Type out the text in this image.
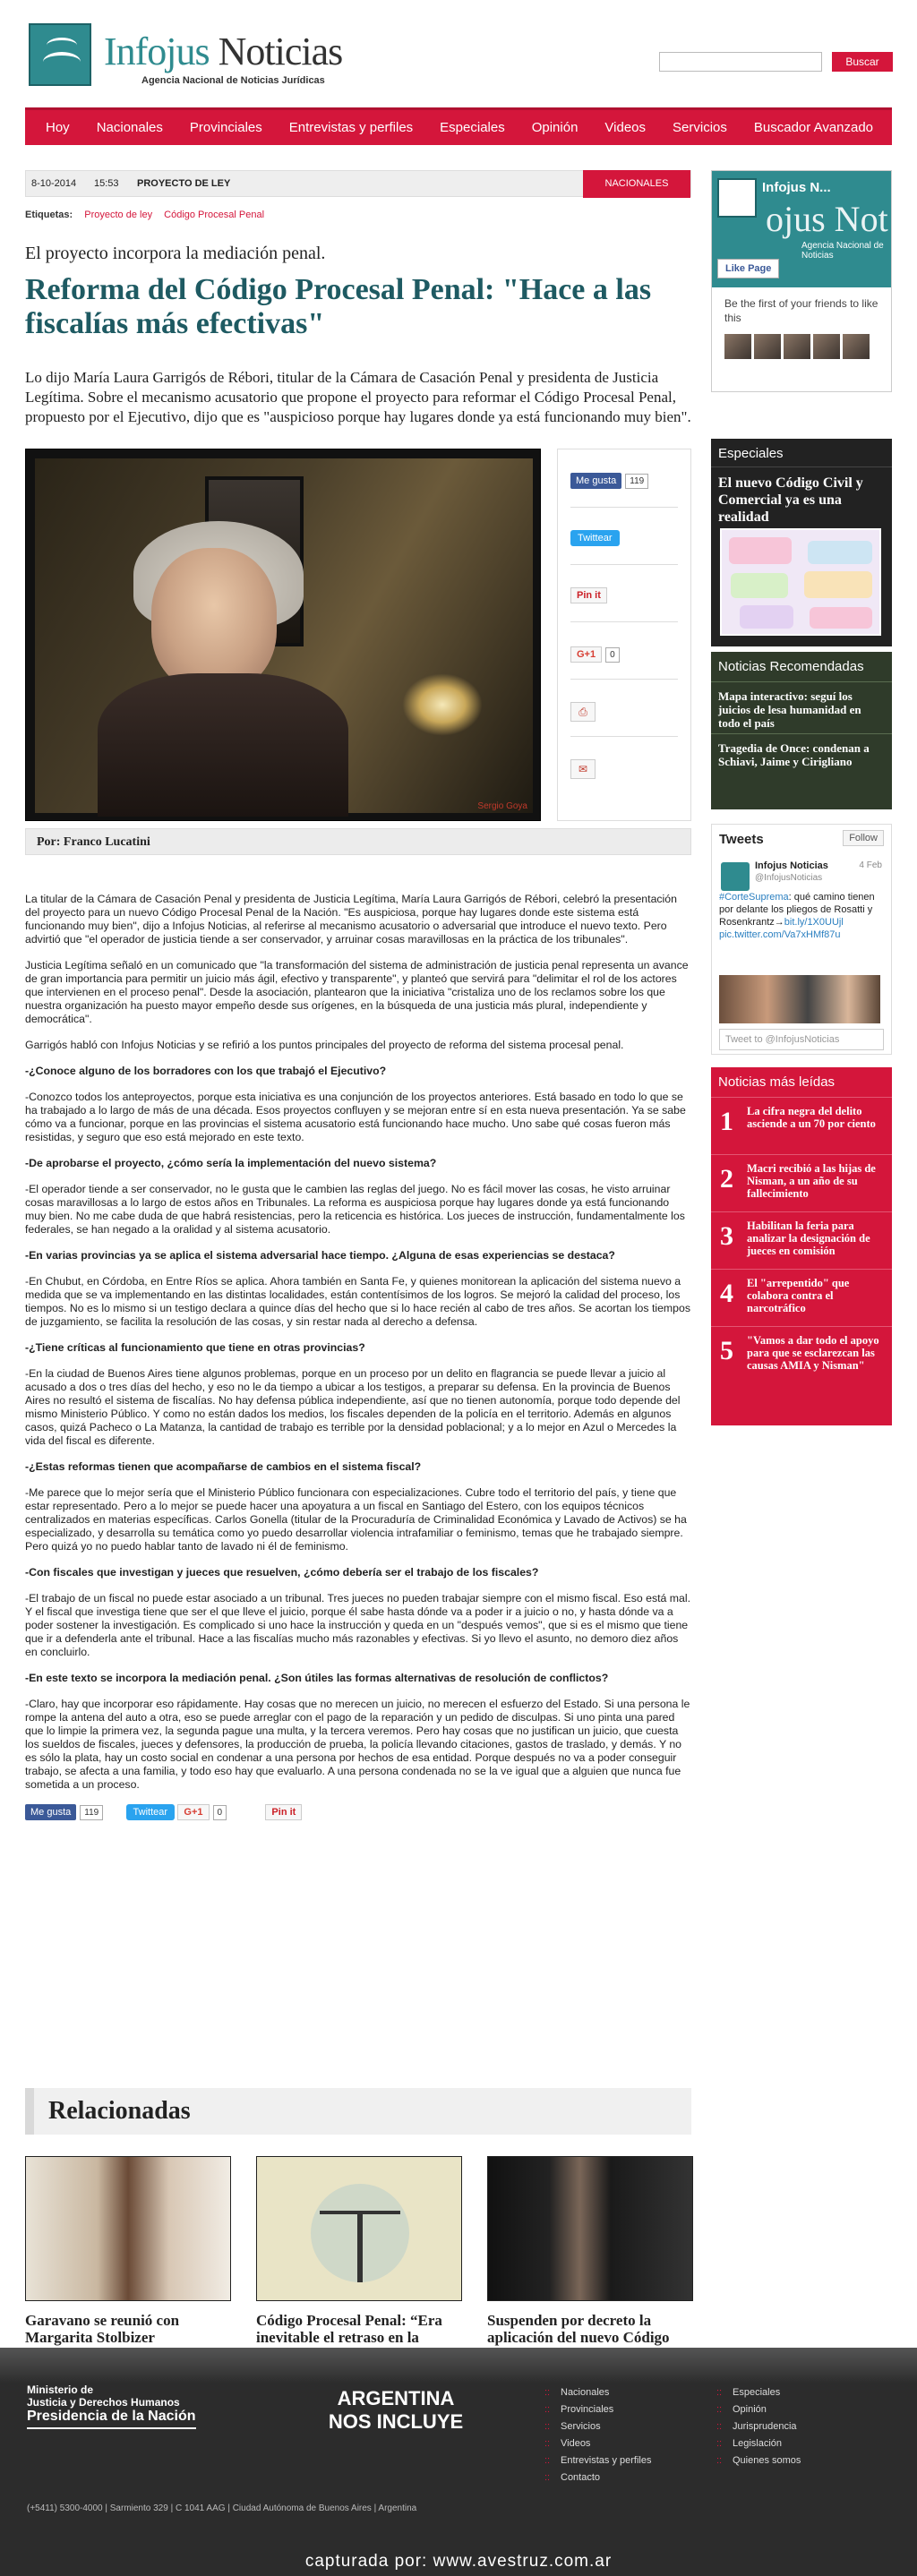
Infojus Noticias
Agencia Nacional de Noticias Jurídicas
Buscar
Hoy	Nacionales	Provinciales	Entrevistas y perfiles	Especiales	Opinión	Videos	Servicios	Buscador Avanzado
8-10-2014 15:53 PROYECTO DE LEY	NACIONALES
Etiquetas: Proyecto de ley Código Procesal Penal
El proyecto incorpora la mediación penal.
Reforma del Código Procesal Penal: "Hace a las fiscalías más efectivas"
Lo dijo María Laura Garrigós de Rébori, titular de la Cámara de Casación Penal y presidenta de Justicia Legítima. Sobre el mecanismo acusatorio que propone el proyecto para reformar el Código Procesal Penal, propuesto por el Ejecutivo, dijo que es "auspicioso porque hay lugares donde ya está funcionando muy bien".
Sergio Goya
Me gusta 119
Twittear
Pin it
G+1 0
⎙
✉
Por: Franco Lucatini

La titular de la Cámara de Casación Penal y presidenta de Justicia Legítima, María Laura Garrigós de Rébori, celebró la presentación del proyecto para un nuevo Código Procesal Penal de la Nación. "Es auspiciosa, porque hay lugares donde este sistema está funcionando muy bien", dijo a Infojus Noticias, al referirse al mecanismo acusatorio o adversarial que introduce el nuevo texto. Pero advirtió que "el operador de justicia tiende a ser conservador, y arruinar cosas maravillosas en la práctica de los tribunales".

Justicia Legítima señaló en un comunicado que "la transformación del sistema de administración de justicia penal representa un avance de gran importancia para permitir un juicio más ágil, efectivo y transparente", y planteó que servirá para "delimitar el rol de los actores que intervienen en el proceso penal". Desde la asociación, plantearon que la iniciativa "cristaliza uno de los reclamos sobre los que nuestra organización ha puesto mayor empeño desde sus orígenes, en la búsqueda de una justicia más plural, independiente y democrática".

Garrigós habló con Infojus Noticias y se refirió a los puntos principales del proyecto de reforma del sistema procesal penal.

-¿Conoce alguno de los borradores con los que trabajó el Ejecutivo?

-Conozco todos los anteproyectos, porque esta iniciativa es una conjunción de los proyectos anteriores. Está basado en todo lo que se ha trabajado a lo largo de más de una década. Esos proyectos confluyen y se mejoran entre sí en esta nueva presentación. Ya se sabe cómo va a funcionar, porque en las provincias el sistema acusatorio está funcionando hace mucho. Uno sabe qué cosas fueron más resistidas, y seguro que eso está mejorado en este texto.

-De aprobarse el proyecto, ¿cómo sería la implementación del nuevo sistema?

-El operador tiende a ser conservador, no le gusta que le cambien las reglas del juego. No es fácil mover las cosas, he visto arruinar cosas maravillosas a lo largo de estos años en Tribunales. La reforma es auspiciosa porque hay lugares donde ya está funcionando muy bien. No me cabe duda de que habrá resistencias, pero la reticencia es histórica. Los jueces de instrucción, fundamentalmente los federales, se han negado a la oralidad y al sistema acusatorio.

-En varias provincias ya se aplica el sistema adversarial hace tiempo. ¿Alguna de esas experiencias se destaca?

-En Chubut, en Córdoba, en Entre Ríos se aplica. Ahora también en Santa Fe, y quienes monitorean la aplicación del sistema nuevo a medida que se va implementando en las distintas localidades, están contentísimos de los logros. Se mejoró la calidad del proceso, los tiempos. No es lo mismo si un testigo declara a quince días del hecho que si lo hace recién al cabo de tres años. Se acortan los tiempos de juzgamiento, se facilita la resolución de las cosas, y sin restar nada al derecho a defensa.

-¿Tiene críticas al funcionamiento que tiene en otras provincias?

-En la ciudad de Buenos Aires tiene algunos problemas, porque en un proceso por un delito en flagrancia se puede llevar a juicio al acusado a dos o tres días del hecho, y eso no le da tiempo a ubicar a los testigos, a preparar su defensa. En la provincia de Buenos Aires no resultó el sistema de fiscalías. No hay defensa pública independiente, así que no tienen autonomía, porque todo depende del mismo Ministerio Público. Y como no están dados los medios, los fiscales dependen de la policía en el territorio. Además en algunos casos, quizá Pacheco o La Matanza, la cantidad de trabajo es terrible por la densidad poblacional; y a lo mejor en Azul o Mercedes la vida del fiscal es diferente.

-¿Estas reformas tienen que acompañarse de cambios en el sistema fiscal?

-Me parece que lo mejor sería que el Ministerio Público funcionara con especializaciones. Cubre todo el territorio del país, y tiene que estar representado. Pero a lo mejor se puede hacer una apoyatura a un fiscal en Santiago del Estero, con los equipos técnicos centralizados en materias específicas. Carlos Gonella (titular de la Procuraduría de Criminalidad Económica y Lavado de Activos) se ha especializado, y desarrolla su temática como yo puedo desarrollar violencia intrafamiliar o feminismo, temas que he trabajado siempre. Pero quizá yo no puedo hablar tanto de lavado ni él de feminismo.

-Con fiscales que investigan y jueces que resuelven, ¿cómo debería ser el trabajo de los fiscales?

-El trabajo de un fiscal no puede estar asociado a un tribunal. Tres jueces no pueden trabajar siempre con el mismo fiscal. Eso está mal. Y el fiscal que investiga tiene que ser el que lleve el juicio, porque él sabe hasta dónde va a poder ir a juicio o no, y hasta dónde va a poder sostener la investigación. Es complicado si uno hace la instrucción y queda en un "después vemos", que si es el mismo que tiene que ir a defenderla ante el tribunal. Hace a las fiscalías mucho más razonables y efectivas. Si yo llevo el asunto, no demoro diez años en concluirlo.

-En este texto se incorpora la mediación penal. ¿Son útiles las formas alternativas de resolución de conflictos?

-Claro, hay que incorporar eso rápidamente. Hay cosas que no merecen un juicio, no merecen el esfuerzo del Estado. Si una persona le rompe la antena del auto a otra, eso se puede arreglar con el pago de la reparación y un pedido de disculpas. Si uno pinta una pared que lo limpie la primera vez, la segunda pague una multa, y la tercera veremos. Pero hay cosas que no justifican un juicio, que cuesta los sueldos de fiscales, jueces y defensores, la producción de prueba, la policía llevando citaciones, gastos de traslado, y demás. Y no es sólo la plata, hay un costo social en condenar a una persona por hechos de esa entidad. Porque después no va a poder conseguir trabajo, se afecta a una familia, y todo eso hay que evaluarlo. A una persona condenada no se la ve igual que a alguien que nunca fue sometida a un proceso.

Me gusta 119	Twittear G+1 0	Pin it
Relacionadas
Garavano se reunió con Margarita Stolbizer
Código Procesal Penal: “Era inevitable el retraso en la
Suspenden por decreto la aplicación del nuevo Código
Infojus N...
ojus Not
Agencia Nacional de Noticias
Like Page
Be the first of your friends to like this
Especiales
El nuevo Código Civil y Comercial ya es una realidad
Noticias Recomendadas
Mapa interactivo: seguí los juicios de lesa humanidad en todo el país
Tragedia de Once: condenan a Schiavi, Jaime y Cirigliano
Tweets	Follow
Infojus Noticias
@InfojusNoticias
4 Feb
#CorteSuprema: qué camino tienen por delante los pliegos de Rosatti y Rosenkrantz→bit.ly/1X0UUjl pic.twitter.com/Va7xHMf87u
Tweet to @InfojusNoticias
Noticias más leídas
1 La cifra negra del delito asciende a un 70 por ciento
2 Macri recibió a las hijas de Nisman, a un año de su fallecimiento
3 Habilitan la feria para analizar la designación de jueces en comisión
4 El "arrepentido" que colabora contra el narcotráfico
5 "Vamos a dar todo el apoyo para que se esclarezcan las causas AMIA y Nisman"
Ministerio de
Justicia y Derechos Humanos
Presidencia de la Nación
ARGENTINA
NOS INCLUYE
(+5411) 5300-4000 | Sarmiento 329 | C 1041 AAG | Ciudad Autónoma de Buenos Aires | Argentina
:: Nacionales
:: Provinciales
:: Servicios
:: Videos
:: Entrevistas y perfiles
:: Contacto
:: Especiales
:: Opinión
:: Jurisprudencia
:: Legislación
:: Quienes somos
capturada por: www.avestruz.com.ar
